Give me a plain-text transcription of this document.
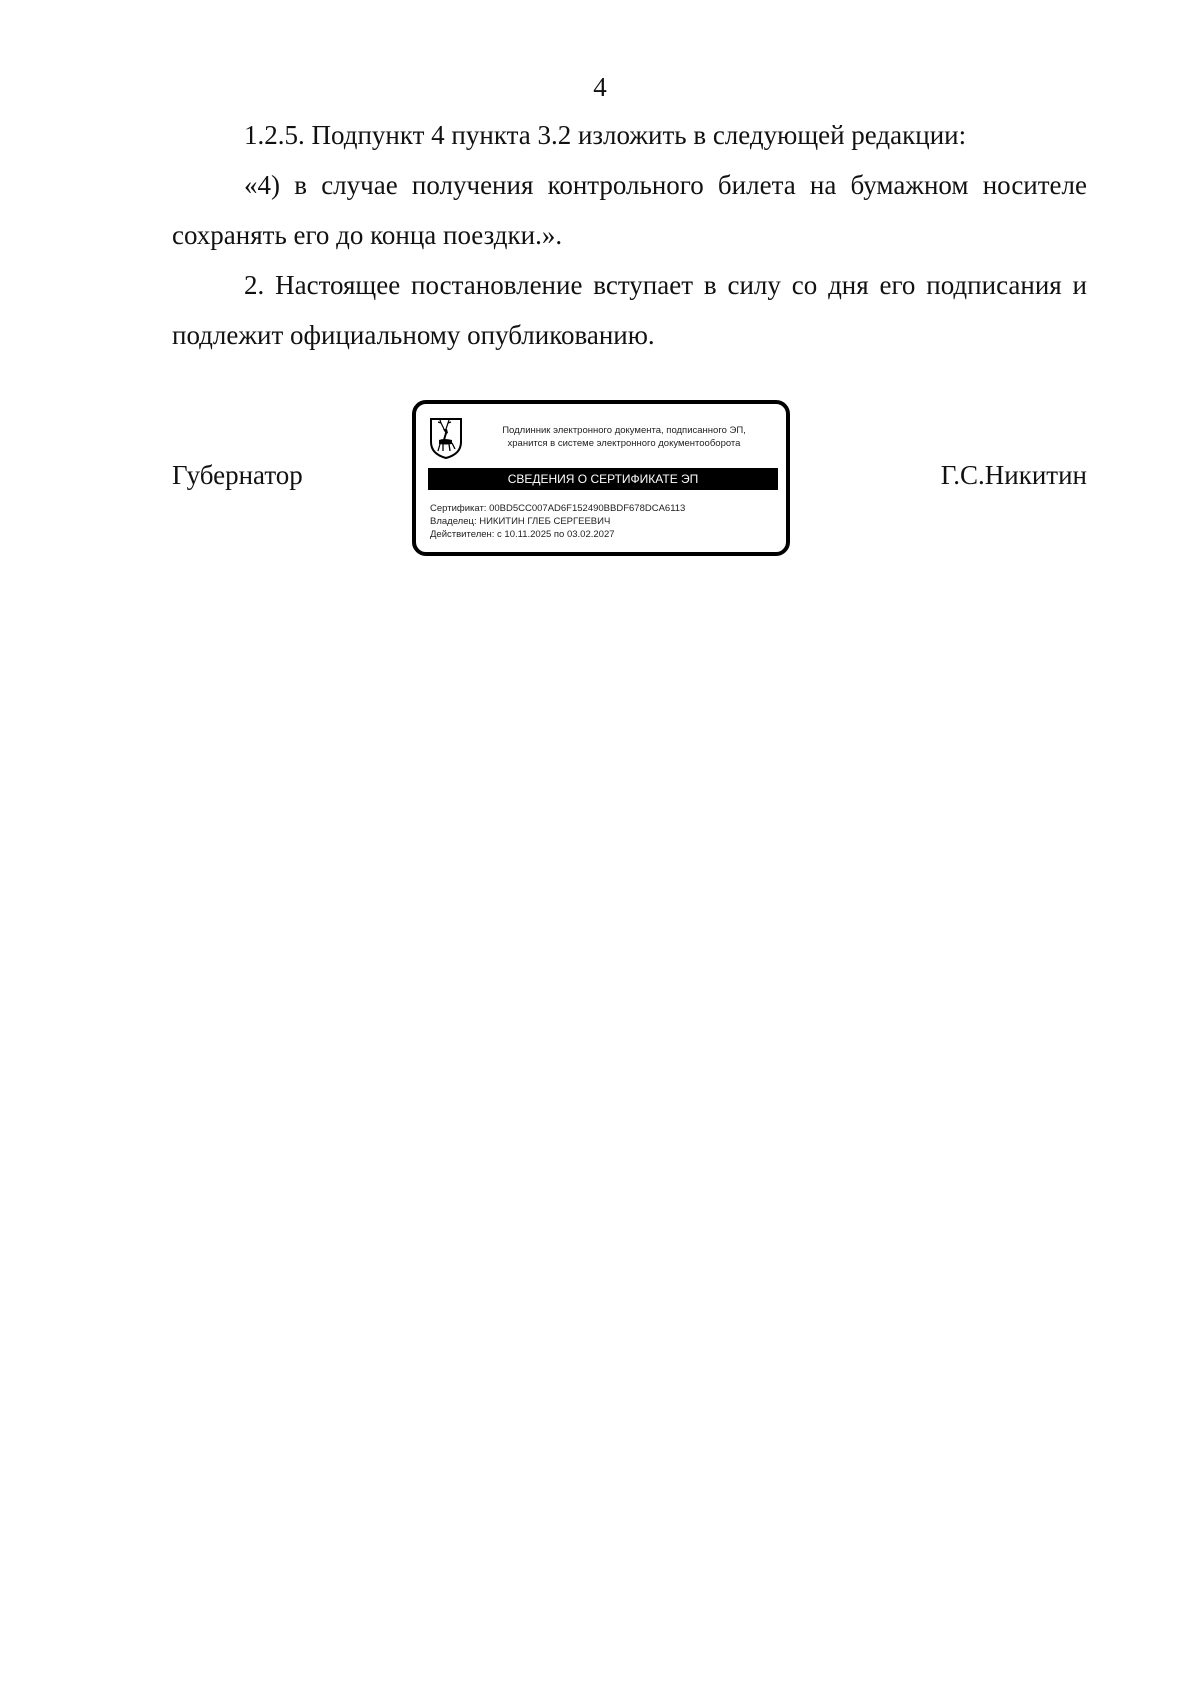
4

1.2.5. Подпункт 4 пункта 3.2 изложить в следующей редакции:

«4) в случае получения контрольного билета на бумажном носителе сохранять его до конца поездки.».

2. Настоящее постановление вступает в силу со дня его подписания и подлежит официальному опубликованию.

Губернатор
Подлинник электронного документа, подписанного ЭП,
хранится в системе электронного документооборота
СВЕДЕНИЯ О СЕРТИФИКАТЕ ЭП
Сертификат: 00BD5CC007AD6F152490BBDF678DCA6113
Владелец: НИКИТИН ГЛЕБ СЕРГЕЕВИЧ
Действителен: с 10.11.2025 по 03.02.2027
Г.С.Никитин
